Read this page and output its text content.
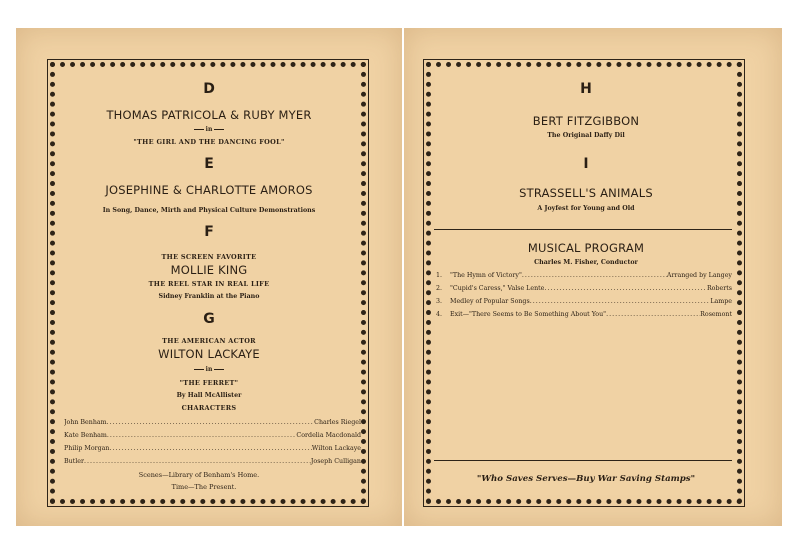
D
THOMAS PATRICOLA & RUBY MYER
in
"THE GIRL AND THE DANCING FOOL"
E
JOSEPHINE & CHARLOTTE AMOROS
In Song, Dance, Mirth and Physical Culture Demonstrations
F
THE SCREEN FAVORITE
MOLLIE KING
THE REEL STAR IN REAL LIFE
Sidney Franklin at the Piano
G
THE AMERICAN ACTOR
WILTON LACKAYE
in
"THE FERRET"
By Hall McAllister
CHARACTERS
John Benham .....	Charles Riegel
Kate Benham .....	Cordelia Macdonald
Philip Morgan .....	Wilton Lackaye
Butler .....	Joseph Culligan
Scenes—Library of Benham's Home.
Time—The Present.
H
BERT FITZGIBBON
The Original Daffy Dil
I
STRASSELL'S ANIMALS
A Joyfest for Young and Old
MUSICAL PROGRAM
Charles M. Fisher, Conductor
1. "The Hymn of Victory" .....	Arranged by Langey
2. "Cupid's Caress," Valse Lente .....	Roberts
3. Medley of Popular Songs .....	Lampe
4. Exit—"There Seems to Be Something About You" .....	Rosemont
"Who Saves Serves—Buy War Saving Stamps"
